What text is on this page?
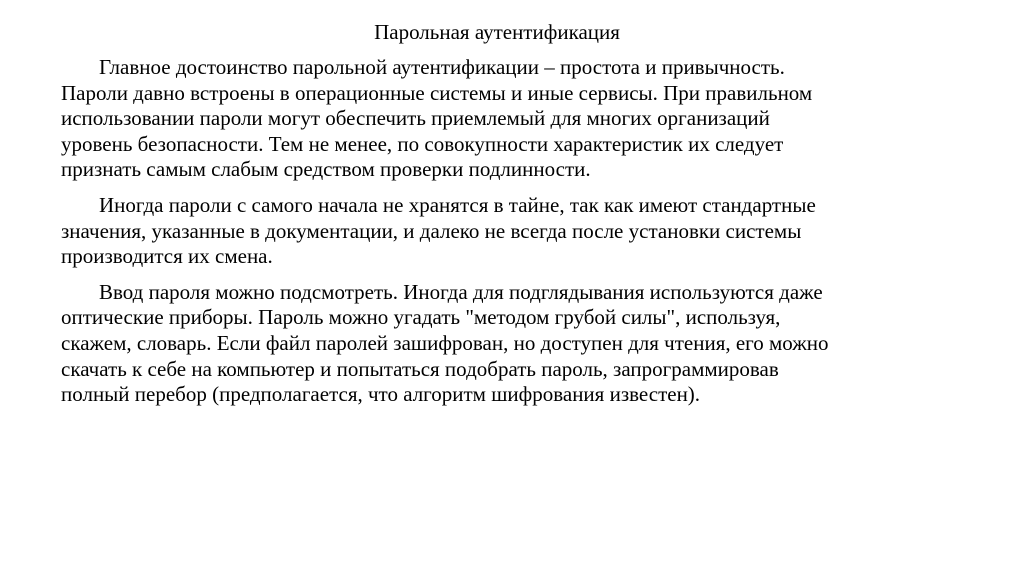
Парольная аутентификация

Главное достоинство парольной аутентификации – простота и привычность.
Пароли давно встроены в операционные системы и иные сервисы. При правильном
использовании пароли могут обеспечить приемлемый для многих организаций
уровень безопасности. Тем не менее, по совокупности характеристик их следует
признать самым слабым средством проверки подлинности.

Иногда пароли с самого начала не хранятся в тайне, так как имеют стандартные
значения, указанные в документации, и далеко не всегда после установки системы
производится их смена.

Ввод пароля можно подсмотреть. Иногда для подглядывания используются даже
оптические приборы. Пароль можно угадать "методом грубой силы", используя,
скажем, словарь. Если файл паролей зашифрован, но доступен для чтения, его можно
скачать к себе на компьютер и попытаться подобрать пароль, запрограммировав
полный перебор (предполагается, что алгоритм шифрования известен).
